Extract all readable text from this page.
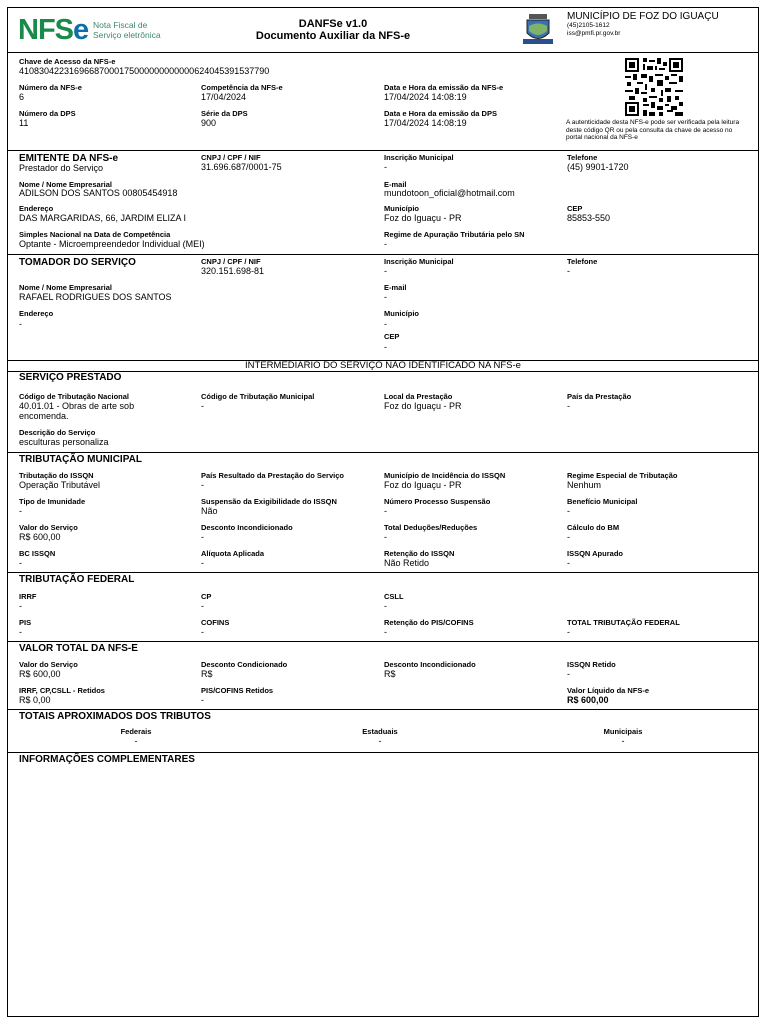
NFSe Nota Fiscal de
Serviço eletrônica
DANFSe v1.0
Documento Auxiliar da NFS-e
MUNICÍPIO DE FOZ DO IGUAÇU
(45)2105-1612
iss@pmfi.pr.gov.br
Chave de Acesso da NFS-e
41083042231696687000175000000000000624045391537790
Número da NFS-e
6
Competência da NFS-e
17/04/2024
Data e Hora da emissão da NFS-e
17/04/2024 14:08:19
Número da DPS
11
Série da DPS
900
Data e Hora da emissão da DPS
17/04/2024 14:08:19	A autenticidade desta NFS-e pode ser verificada pela leitura deste código QR ou pela consulta da chave de acesso no portal nacional da NFS-e
EMITENTE DA NFS-e
Prestador do Serviço
CNPJ / CPF / NIF
31.696.687/0001-75
Inscrição Municipal
-
Telefone
(45) 9901-1720
Nome / Nome Empresarial
ADILSON DOS SANTOS 00805454918
E-mail
mundotoon_oficial@hotmail.com
Endereço
DAS MARGARIDAS, 66, JARDIM ELIZA I
Município
Foz do Iguaçu - PR
CEP
85853-550
Simples Nacional na Data de Competência
Optante - Microempreendedor Individual (MEI)
Regime de Apuração Tributária pelo SN
-
TOMADOR DO SERVIÇO	CNPJ / CPF / NIF
320.151.698-81
Inscrição Municipal
-
Telefone
-
Nome / Nome Empresarial
RAFAEL RODRIGUES DOS SANTOS
E-mail
-
Endereço
-
Município
-
CEP
-
INTERMEDIÁRIO DO SERVIÇO NÃO IDENTIFICADO NA NFS-e
SERVIÇO PRESTADO
Código de Tributação Nacional
40.01.01 - Obras de arte sob
encomenda.
Código de Tributação Municipal
-
Local da Prestação
Foz do Iguaçu - PR
País da Prestação
-
Descrição do Serviço
esculturas personaliza
TRIBUTAÇÃO MUNICIPAL
Tributação do ISSQN
Operação Tributável
País Resultado da Prestação do Serviço
-
Município de Incidência do ISSQN
Foz do Iguaçu - PR
Regime Especial de Tributação
Nenhum
Tipo de Imunidade
-
Suspensão da Exigibilidade do ISSQN
Não
Número Processo Suspensão
-
Benefício Municipal
-
Valor do Serviço
R$ 600,00
Desconto Incondicionado
-
Total Deduções/Reduções
-
Cálculo do BM
-
BC ISSQN
-
Alíquota Aplicada
-
Retenção do ISSQN
Não Retido
ISSQN Apurado
-
TRIBUTAÇÃO FEDERAL
IRRF
-
CP
-
CSLL
-
PIS
-
COFINS
-
Retenção do PIS/COFINS
-
TOTAL TRIBUTAÇÃO FEDERAL
-
VALOR TOTAL DA NFS-E
Valor do Serviço
R$ 600,00
Desconto Condicionado
R$
Desconto Incondicionado
R$
ISSQN Retido
-
IRRF, CP,CSLL - Retidos
R$ 0,00
PIS/COFINS Retidos
-
Valor Líquido da NFS-e
R$ 600,00
TOTAIS APROXIMADOS DOS TRIBUTOS
Federais
-
Estaduais
-
Municipais
-
INFORMAÇÕES COMPLEMENTARES
